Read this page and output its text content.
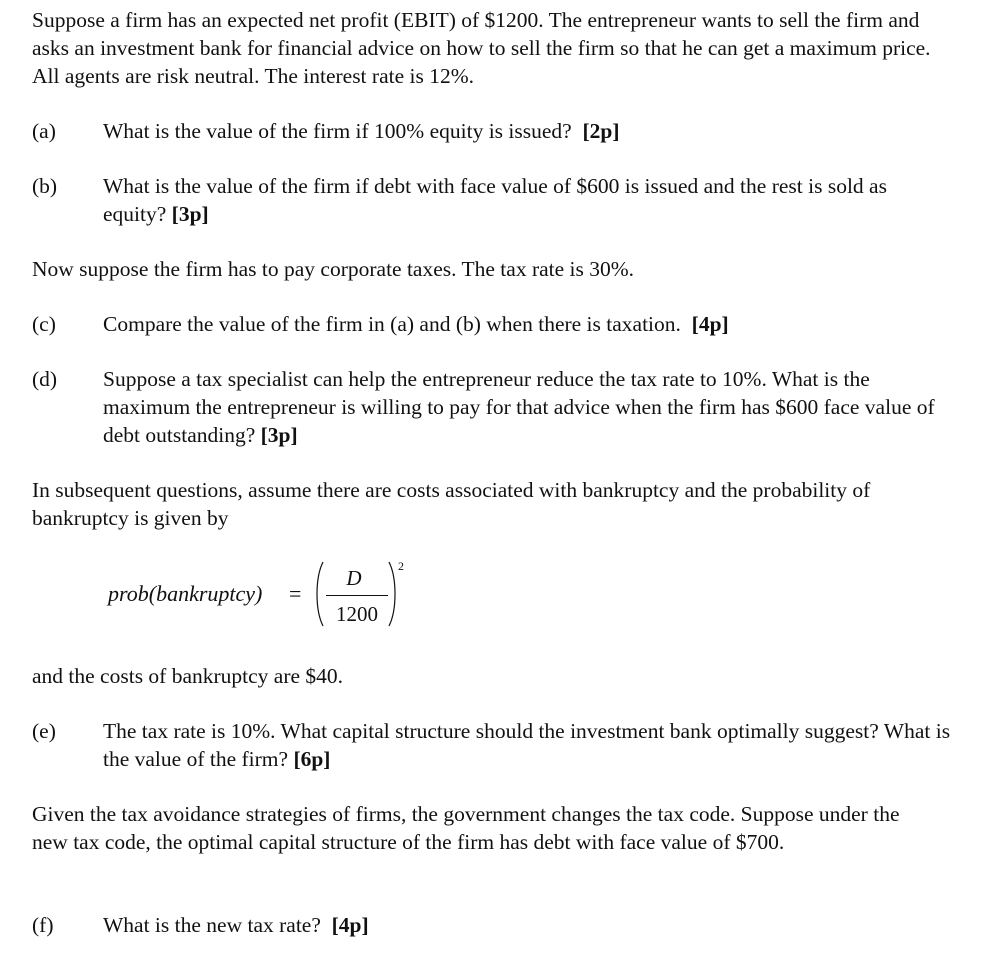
Suppose a firm has an expected net profit (EBIT) of $1200. The entrepreneur wants to sell the firm and asks an investment bank for financial advice on how to sell the firm so that he can get a maximum price. All agents are risk neutral. The interest rate is 12%.

(a) What is the value of the firm if 100% equity is issued? [2p]
(b) What is the value of the firm if debt with face value of $600 is issued and the rest is sold as equity? [3p]

Now suppose the firm has to pay corporate taxes. The tax rate is 30%.

(c) Compare the value of the firm in (a) and (b) when there is taxation. [4p]
(d) Suppose a tax specialist can help the entrepreneur reduce the tax rate to 10%. What is the maximum the entrepreneur is willing to pay for that advice when the firm has $600 face value of debt outstanding? [3p]

In subsequent questions, assume there are costs associated with bankruptcy and the probability of bankruptcy is given by

prob(bankruptcy) =
D
1200
2

and the costs of bankruptcy are $40.

(e) The tax rate is 10%. What capital structure should the investment bank optimally suggest? What is the value of the firm? [6p]

Given the tax avoidance strategies of firms, the government changes the tax code. Suppose under the new tax code, the optimal capital structure of the firm has debt with face value of $700.

(f) What is the new tax rate? [4p]
